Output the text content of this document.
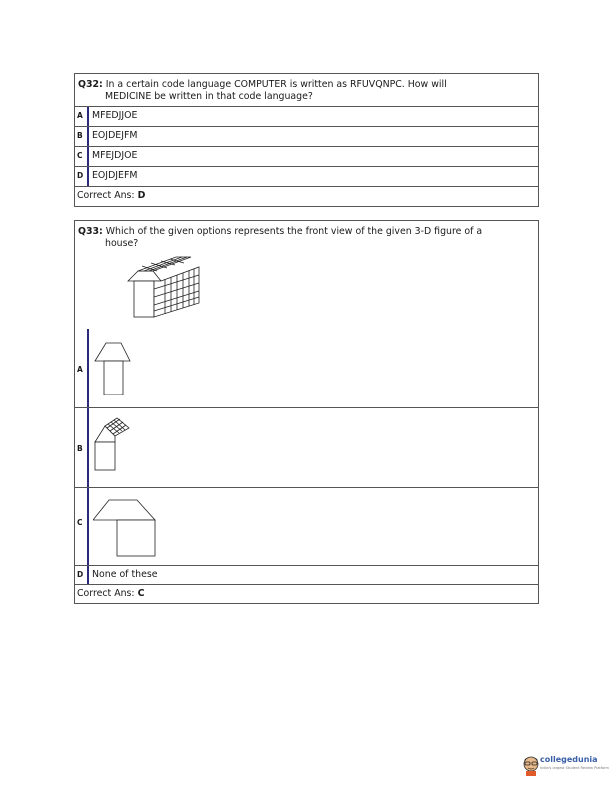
Q32: In a certain code language COMPUTER is written as RFUVQNPC. How will
MEDICINE be written in that code language?
A MFEDJJOE
B EOJDEJFM
C MFEJDJOE
D EOJDJEFM
Correct Ans: D
Q33: Which of the given options represents the front view of the given 3-D figure of a
house?
A
B
C
D None of these
Correct Ans: C
collegedunia
India's largest Student Review Platform
